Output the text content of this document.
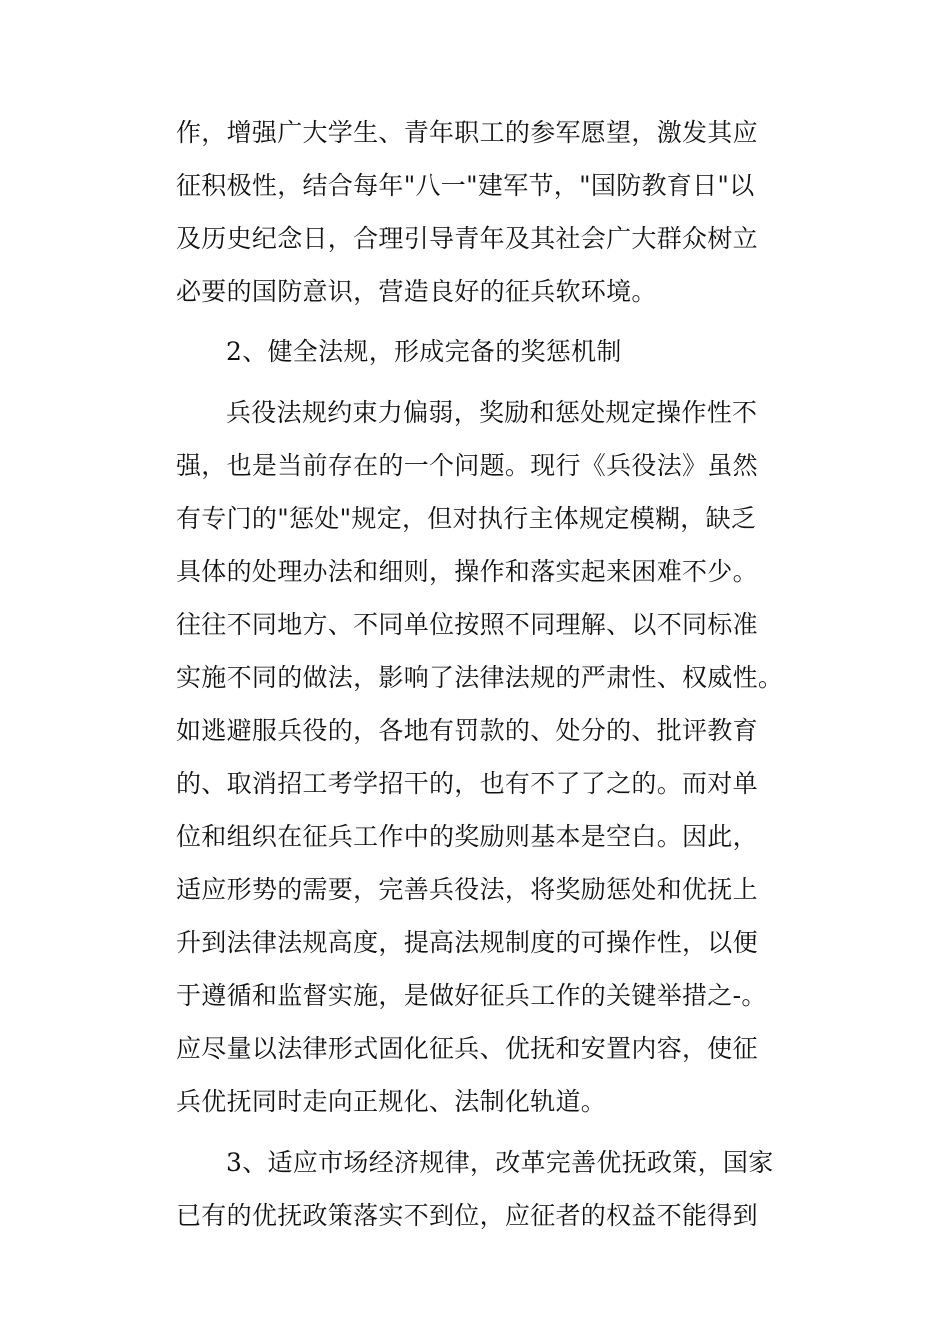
作，增强广大学生、青年职工的参军愿望，激发其应
征积极性，结合每年"八一"建军节，"国防教育日"以
及历史纪念日，合理引导青年及其社会广大群众树立
必要的国防意识，营造良好的征兵软环境。
2、健全法规，形成完备的奖惩机制
兵役法规约束力偏弱，奖励和惩处规定操作性不
强，也是当前存在的一个问题。现行《兵役法》虽然
有专门的"惩处"规定，但对执行主体规定模糊，缺乏
具体的处理办法和细则，操作和落实起来困难不少。
往往不同地方、不同单位按照不同理解、以不同标准
实施不同的做法，影响了法律法规的严肃性、权威性。
如逃避服兵役的，各地有罚款的、处分的、批评教育
的、取消招工考学招干的，也有不了了之的。而对单
位和组织在征兵工作中的奖励则基本是空白。因此，
适应形势的需要，完善兵役法，将奖励惩处和优抚上
升到法律法规高度，提高法规制度的可操作性，以便
于遵循和监督实施，是做好征兵工作的关键举措之-。
应尽量以法律形式固化征兵、优抚和安置内容，使征
兵优抚同时走向正规化、法制化轨道。
3、适应市场经济规律，改革完善优抚政策，国家
已有的优抚政策落实不到位，应征者的权益不能得到
